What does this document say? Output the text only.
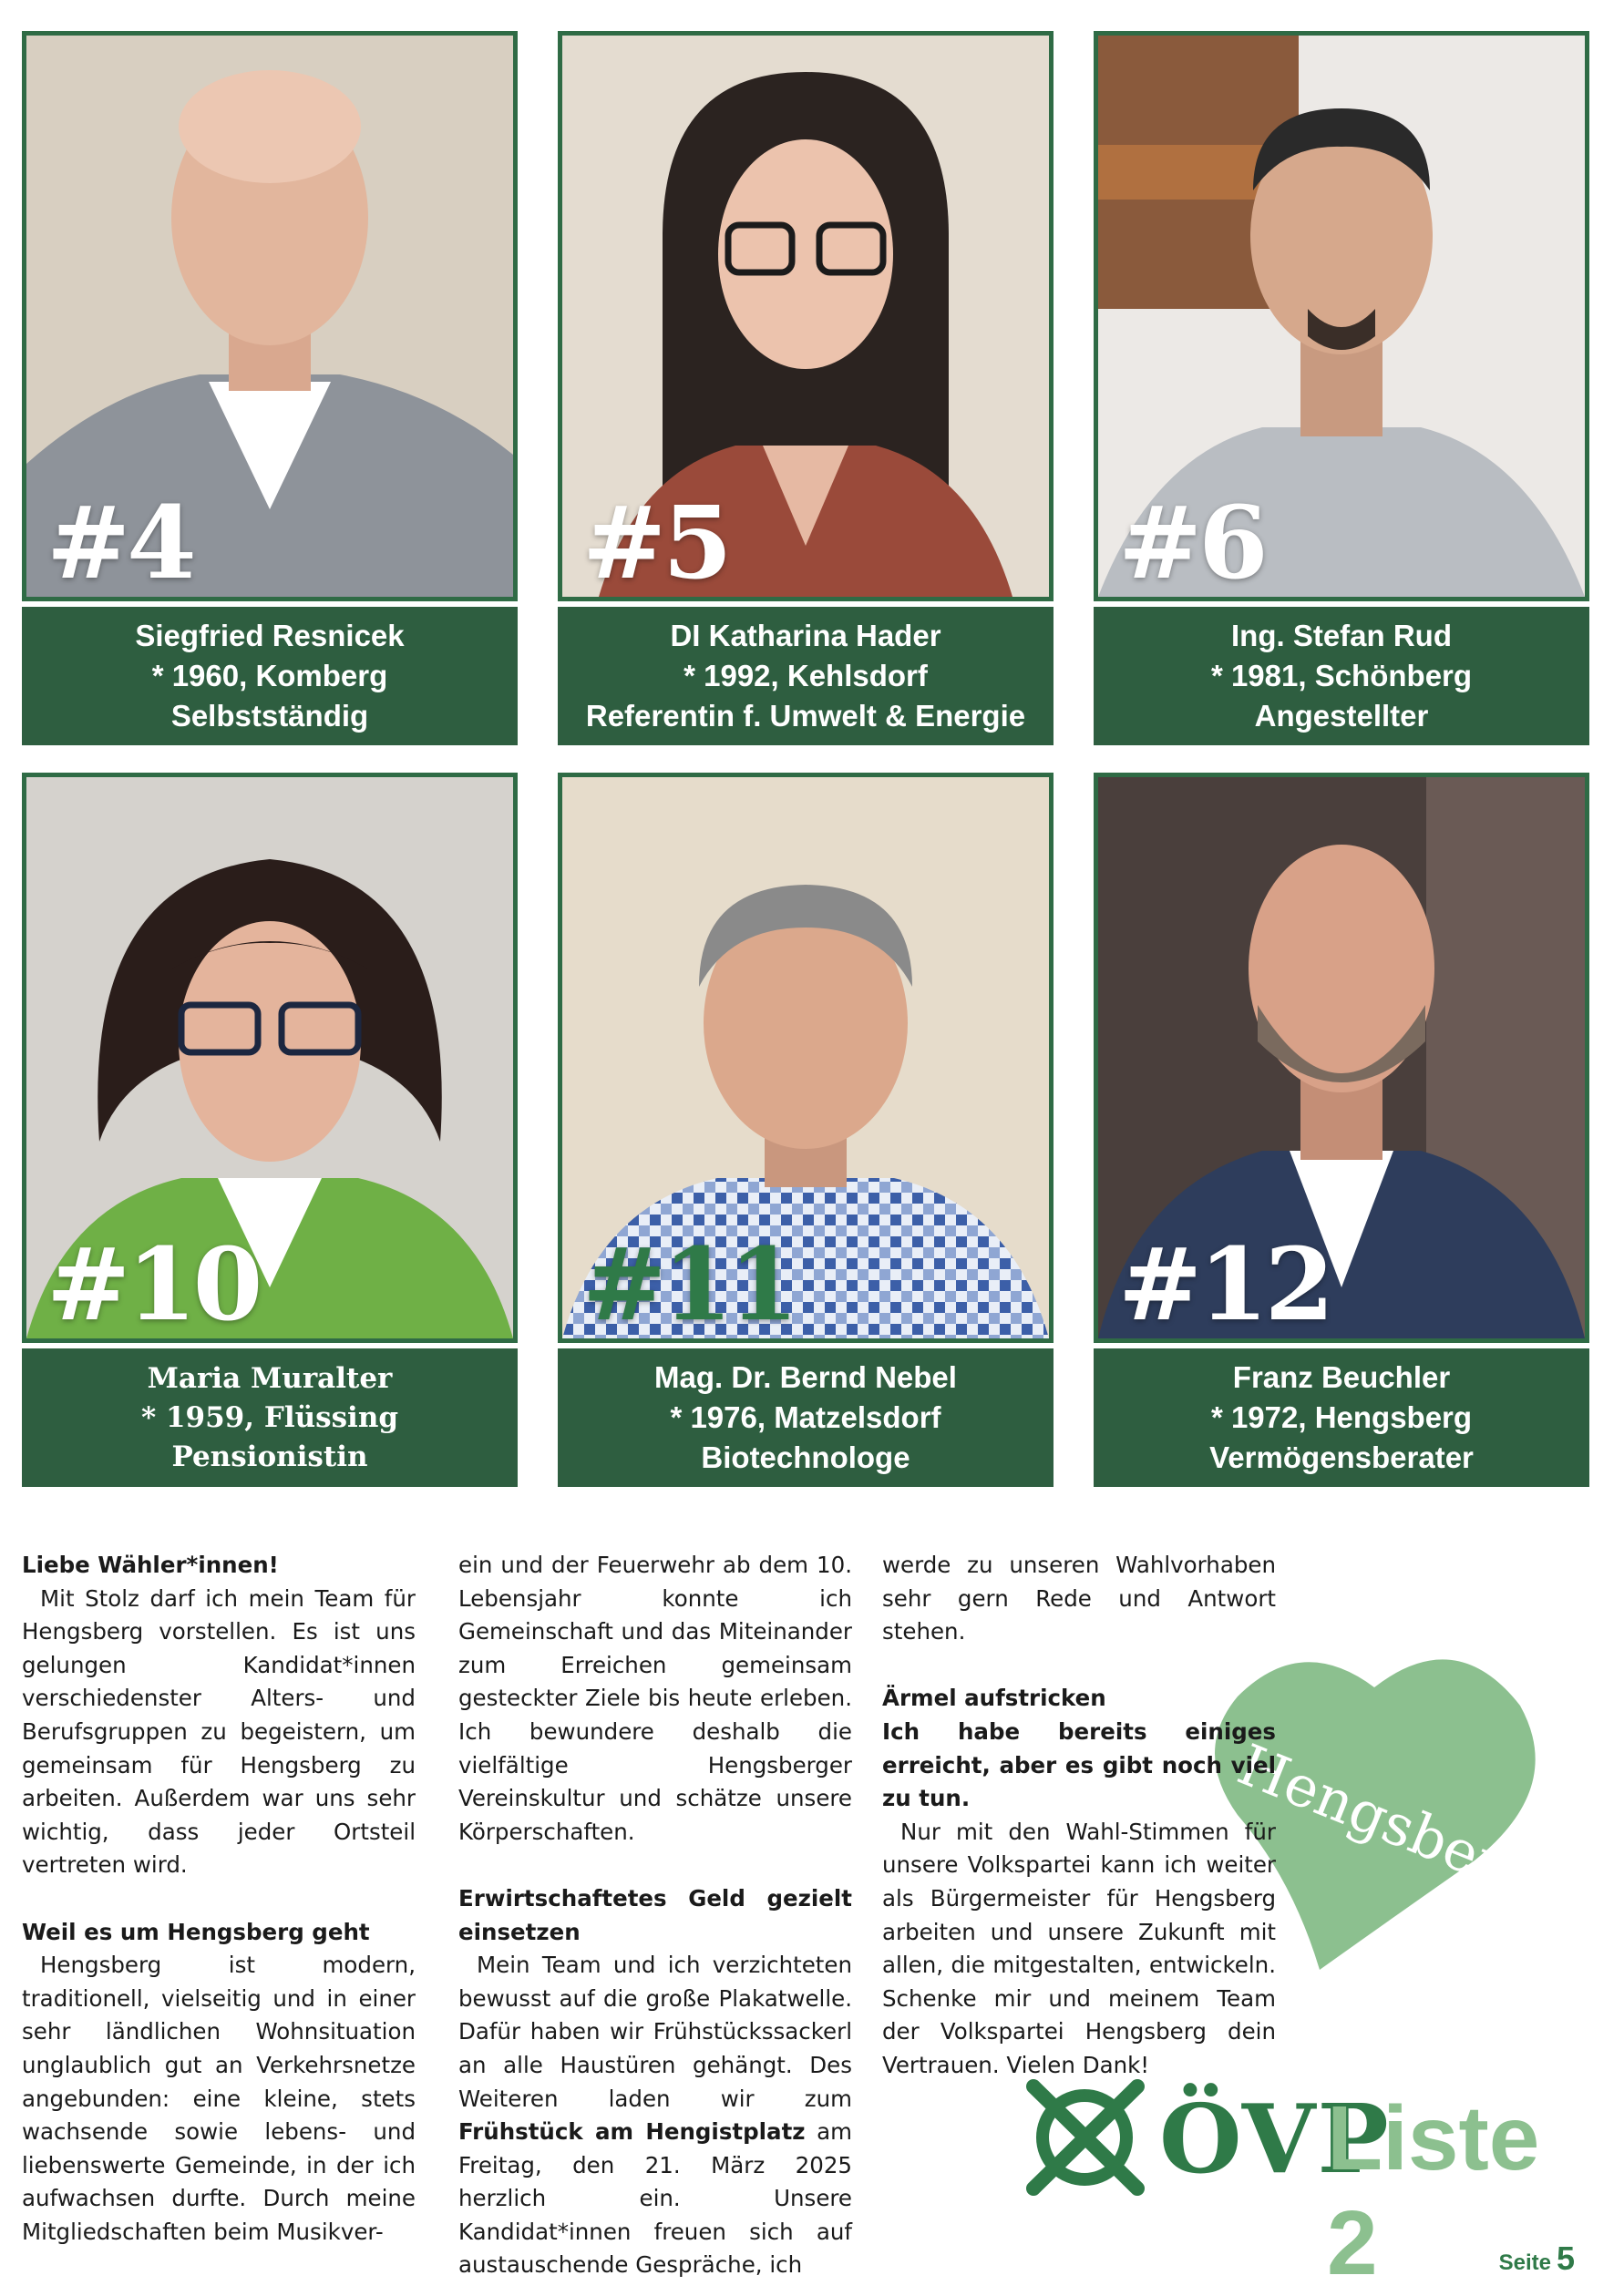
#4
Siegfried Resnicek
* 1960, Komberg
Selbstständig
#5
DI Katharina Hader
* 1992, Kehlsdorf
Referentin f. Umwelt & Energie
#6
Ing. Stefan Rud
* 1981, Schönberg
Angestellter
#10
Maria Muralter
* 1959, Flüssing
Pensionistin
#11
Mag. Dr. Bernd Nebel
* 1976, Matzelsdorf
Biotechnologe
#12
Franz Beuchler
* 1972, Hengsberg
Vermögensberater
Liebe Wähler*innen!

Mit Stolz darf ich mein Team für Hengsberg vorstellen. Es ist uns gelungen Kandidat*innen verschiedenster Alters- und Berufsgruppen zu begeistern, um gemeinsam für Hengsberg zu arbeiten. Außerdem war uns sehr wichtig, dass jeder Ortsteil vertreten wird.

Weil es um Hengsberg geht

Hengsberg ist modern, traditionell, vielseitig und in einer sehr ländlichen Wohnsituation unglaublich gut an Verkehrsnetze angebunden: eine kleine, stets wachsende sowie lebens- und liebenswerte Gemeinde, in der ich aufwachsen durfte. Durch meine Mitgliedschaften beim Musikver-

ein und der Feuerwehr ab dem 10. Lebensjahr konnte ich Gemeinschaft und das Miteinander zum Erreichen gemeinsam gesteckter Ziele bis heute erleben. Ich bewundere deshalb die vielfältige Hengsberger Vereinskultur und schätze unsere Körperschaften.

Erwirtschaftetes Geld gezielt einsetzen

Mein Team und ich verzichteten bewusst auf die große Plakatwelle. Dafür haben wir Frühstückssackerl an alle Haustüren gehängt. Des Weiteren laden wir zum Frühstück am Hengistplatz am Freitag, den 21. März 2025 herzlich ein. Unsere Kandidat*innen freuen sich auf austauschende Gespräche, ich

Hengsberg

werde zu unseren Wahlvorhaben sehr gern Rede und Antwort stehen.

Ärmel aufstricken
Ich habe bereits einiges erreicht, aber es gibt noch viel zu tun.

Nur mit den Wahl-Stimmen für unsere Volkspartei kann ich weiter als Bürgermeister für Hengsberg arbeiten und unsere Zukunft mit allen, die mitgestalten, entwickeln. Schenke mir und meinem Team der Volkspartei Hengsberg dein Vertrauen. Vielen Dank!

ÖVP
Liste 2	Seite 5
